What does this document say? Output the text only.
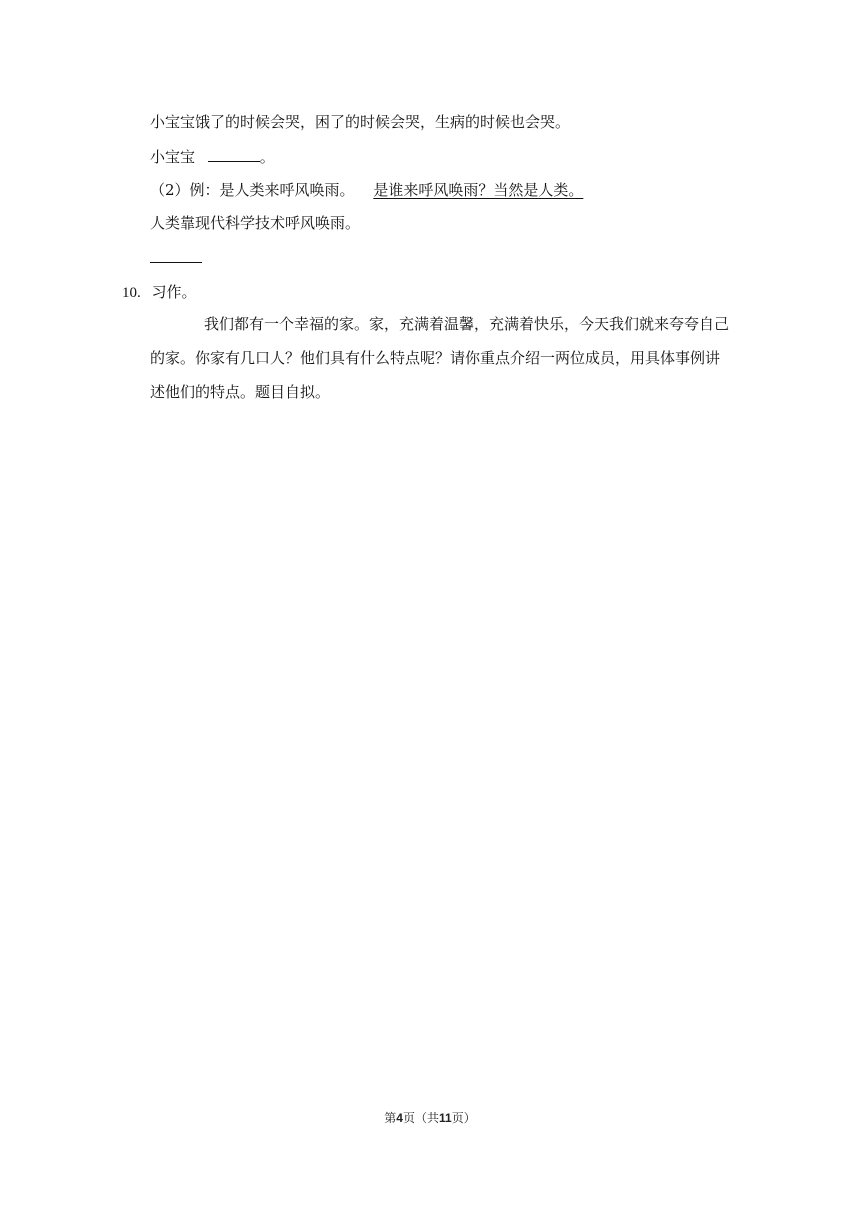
小宝宝饿了的时候会哭，困了的时候会哭，生病的时候也会哭。
小宝宝	。
（2）例：是人类来呼风唤雨。 是谁来呼风唤雨？当然是人类。
人类靠现代科学技术呼风唤雨。
10. 习作。
我们都有一个幸福的家。家，充满着温馨，充满着快乐，今天我们就来夸夸自己
的家。你家有几口人？他们具有什么特点呢？请你重点介绍一两位成员，用具体事例讲
述他们的特点。题目自拟。
第4页（共11页）
